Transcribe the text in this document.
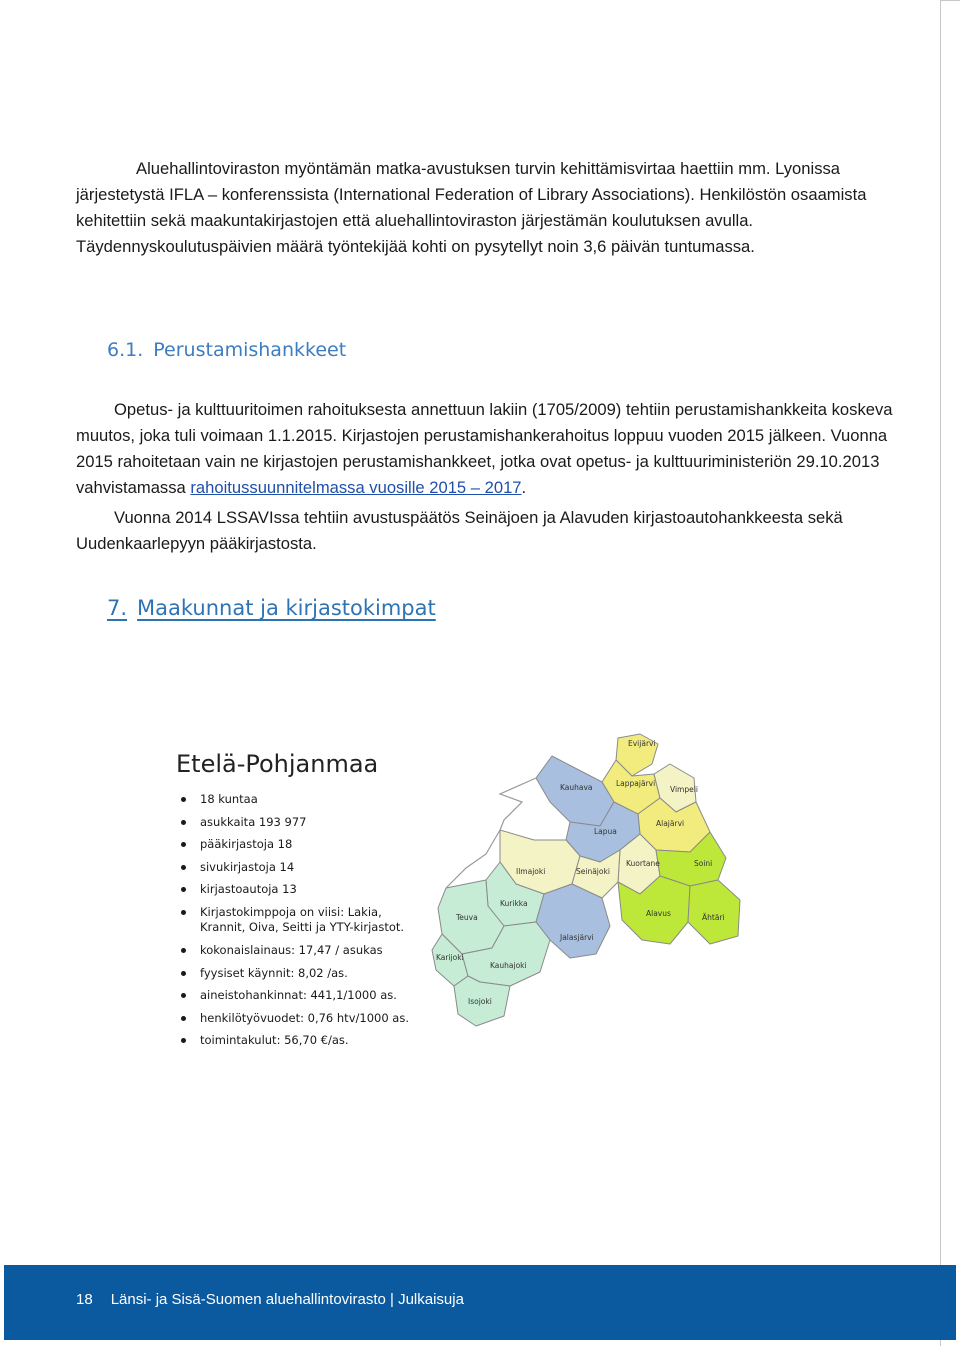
Aluehallintoviraston myöntämän matka-avustuksen turvin kehittämisvirtaa haettiin mm. Lyonissa järjestetystä IFLA – konferenssista (International Federation of Library Associations). Henkilöstön osaamista kehitettiin sekä maakuntakirjastojen että aluehallintoviraston järjestämän koulutuksen avulla. Täydennyskoulutuspäivien määrä työntekijää kohti on pysytellyt noin 3,6 päivän tuntumassa.

6.1. Perustamishankkeet

Opetus- ja kulttuuritoimen rahoituksesta annettuun lakiin (1705/2009) tehtiin perustamishankkeita koskeva muutos, joka tuli voimaan 1.1.2015. Kirjastojen perustamishankerahoitus loppuu vuoden 2015 jälkeen. Vuonna 2015 rahoitetaan vain ne kirjastojen perustamishankkeet, jotka ovat opetus- ja kulttuuriministeriön 29.10.2013 vahvistamassa rahoitussuunnitelmassa vuosille 2015 – 2017.

Vuonna 2014 LSSAVIssa tehtiin avustuspäätös Seinäjoen ja Alavuden kirjastoautohankkeesta sekä Uudenkaarlepyyn pääkirjastosta.

7. Maakunnat ja kirjastokimpat
Evijärvi
Lappajärvi
Vimpeli
Kauhava
Alajärvi
Lapua
Kuortane	Soini
Ilmajoki	Seinäjoki
Kurikka
Alavus	Ähtäri
Teuva
Jalasjärvi
Karijoki
Kauhajoki
Isojoki
Etelä-Pohjanmaa
18 kuntaa
asukkaita 193 977
pääkirjastoja 18
sivukirjastoja 14
kirjastoautoja 13
Kirjastokimppoja on viisi: Lakia, Krannit, Oiva, Seitti ja YTY-kirjastot.
kokonaislainaus: 17,47 / asukas
fyysiset käynnit: 8,02 /as.
aineistohankinnat: 441,1/1000 as.
henkilötyövuodet: 0,76 htv/1000 as.
toimintakulut: 56,70 €/as.
18 Länsi- ja Sisä-Suomen aluehallintovirasto | Julkaisuja
